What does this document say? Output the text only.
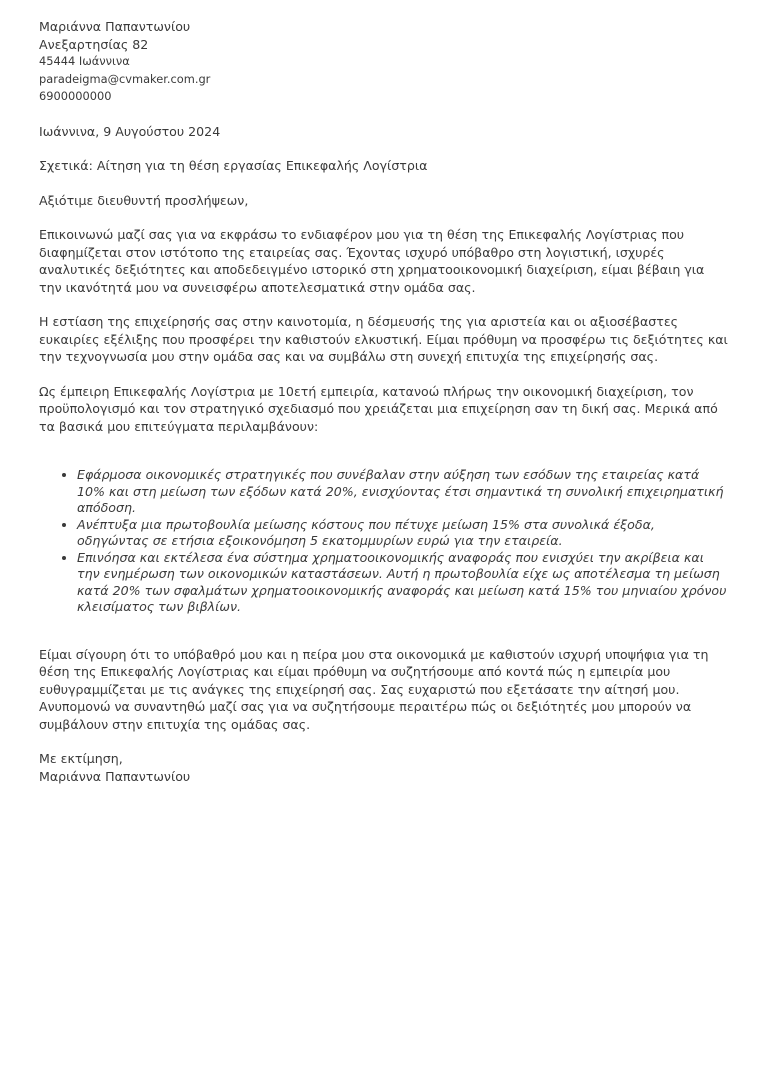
Μαριάννα Παπαντωνίου
Ανεξαρτησίας 82
45444 Ιωάννινα
paradeigma@cvmaker.com.gr
6900000000
Ιωάννινα, 9 Αυγούστου 2024
Σχετικά: Αίτηση για τη θέση εργασίας Επικεφαλής Λογίστρια
Αξιότιμε διευθυντή προσλήψεων,

Επικοινωνώ μαζί σας για να εκφράσω το ενδιαφέρον μου για τη θέση της Επικεφαλής Λογίστριας που διαφημίζεται στον ιστότοπο της εταιρείας σας. Έχοντας ισχυρό υπόβαθρο στη λογιστική, ισχυρές αναλυτικές δεξιότητες και αποδεδειγμένο ιστορικό στη χρηματοοικονομική διαχείριση, είμαι βέβαιη για την ικανότητά μου να συνεισφέρω αποτελεσματικά στην ομάδα σας.

Η εστίαση της επιχείρησής σας στην καινοτομία, η δέσμευσής της για αριστεία και οι αξιοσέβαστες ευκαιρίες εξέλιξης που προσφέρει την καθιστούν ελκυστική. Είμαι πρόθυμη να προσφέρω τις δεξιότητες και την τεχνογνωσία μου στην ομάδα σας και να συμβάλω στη συνεχή επιτυχία της επιχείρησής σας.

Ως έμπειρη Επικεφαλής Λογίστρια με 10ετή εμπειρία, κατανοώ πλήρως την οικονομική διαχείριση, τον προϋπολογισμό και τον στρατηγικό σχεδιασμό που χρειάζεται μια επιχείρηση σαν τη δική σας. Μερικά από τα βασικά μου επιτεύγματα περιλαμβάνουν:

• Εφάρμοσα οικονομικές στρατηγικές που συνέβαλαν στην αύξηση των εσόδων της εταιρείας κατά 10% και στη μείωση των εξόδων κατά 20%, ενισχύοντας έτσι σημαντικά τη συνολική επιχειρηματική απόδοση.
• Ανέπτυξα μια πρωτοβουλία μείωσης κόστους που πέτυχε μείωση 15% στα συνολικά έξοδα, οδηγώντας σε ετήσια εξοικονόμηση 5 εκατομμυρίων ευρώ για την εταιρεία.
• Επινόησα και εκτέλεσα ένα σύστημα χρηματοοικονομικής αναφοράς που ενισχύει την ακρίβεια και την ενημέρωση των οικονομικών καταστάσεων. Αυτή η πρωτοβουλία είχε ως αποτέλεσμα τη μείωση κατά 20% των σφαλμάτων χρηματοοικονομικής αναφοράς και μείωση κατά 15% του μηνιαίου χρόνου κλεισίματος των βιβλίων.

Είμαι σίγουρη ότι το υπόβαθρό μου και η πείρα μου στα οικονομικά με καθιστούν ισχυρή υποψήφια για τη θέση της Επικεφαλής Λογίστριας και είμαι πρόθυμη να συζητήσουμε από κοντά πώς η εμπειρία μου ευθυγραμμίζεται με τις ανάγκες της επιχείρησή σας. Σας ευχαριστώ που εξετάσατε την αίτησή μου. Ανυπομονώ να συναντηθώ μαζί σας για να συζητήσουμε περαιτέρω πώς οι δεξιότητές μου μπορούν να συμβάλουν στην επιτυχία της ομάδας σας.

Με εκτίμηση,
Μαριάννα Παπαντωνίου
